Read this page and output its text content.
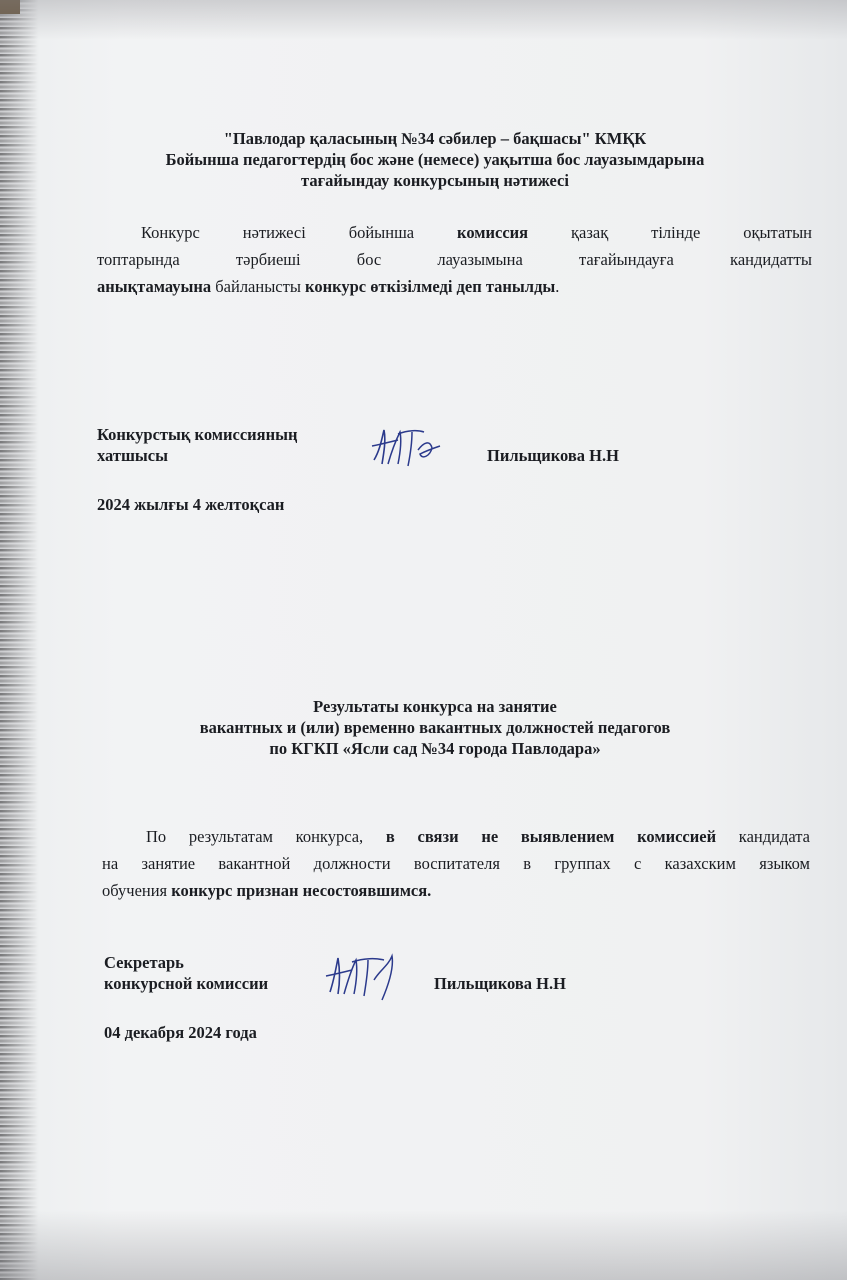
"Павлодар қаласының №34 сәбилер – бақшасы" КМҚК
Бойынша педагогтердің бос және (немесе) уақытша бос лауазымдарына
тағайындау конкурсының нәтижесі
Конкурс нәтижесі бойынша комиссия қазақ тілінде оқытатын
топтарында тәрбиеші бос лауазымына тағайындауға кандидатты
анықтамауына байланысты конкурс өткізілмеді деп танылды.
Конкурстық комиссияның
хатшысы	Пильщикова Н.Н
2024 жылғы 4 желтоқсан
Результаты конкурса на занятие
вакантных и (или) временно вакантных должностей педагогов
по КГКП «Ясли сад №34 города Павлодара»
По результатам конкурса, в связи не выявлением комиссией кандидата
на занятие вакантной должности воспитателя в группах с казахским языком
обучения конкурс признан несостоявшимся.
Секретарь
конкурсной комиссии	Пильщикова Н.Н
04 декабря 2024 года
